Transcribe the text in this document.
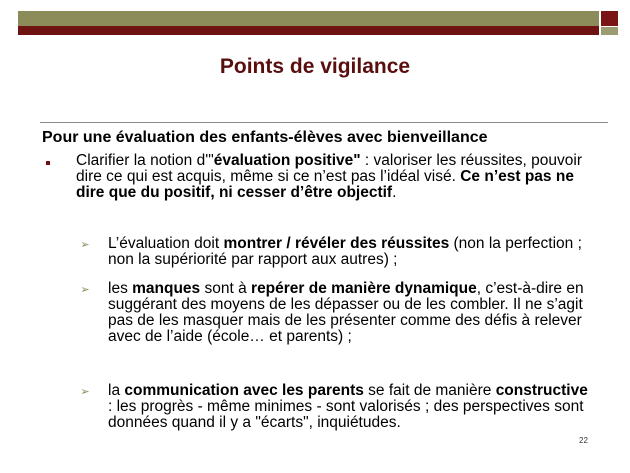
Points de vigilance
Pour une évaluation des enfants-élèves avec bienveillance
Clarifier la notion d'"évaluation positive" : valoriser les réussites, pouvoir dire ce qui est acquis, même si ce n’est pas l’idéal visé. Ce n’est pas ne dire que du positif, ni cesser d’être objectif.
➢ L’évaluation doit montrer / révéler des réussites (non la perfection ; non la supériorité par rapport aux autres) ;
➢ les manques sont à repérer de manière dynamique, c’est-à-dire en suggérant des moyens de les dépasser ou de les combler. Il ne s’agit pas de les masquer mais de les présenter comme des défis à relever avec de l’aide (école… et parents) ;
➢ la communication avec les parents se fait de manière constructive : les progrès - même minimes - sont valorisés ; des perspectives sont données quand il y a "écarts", inquiétudes.
22
